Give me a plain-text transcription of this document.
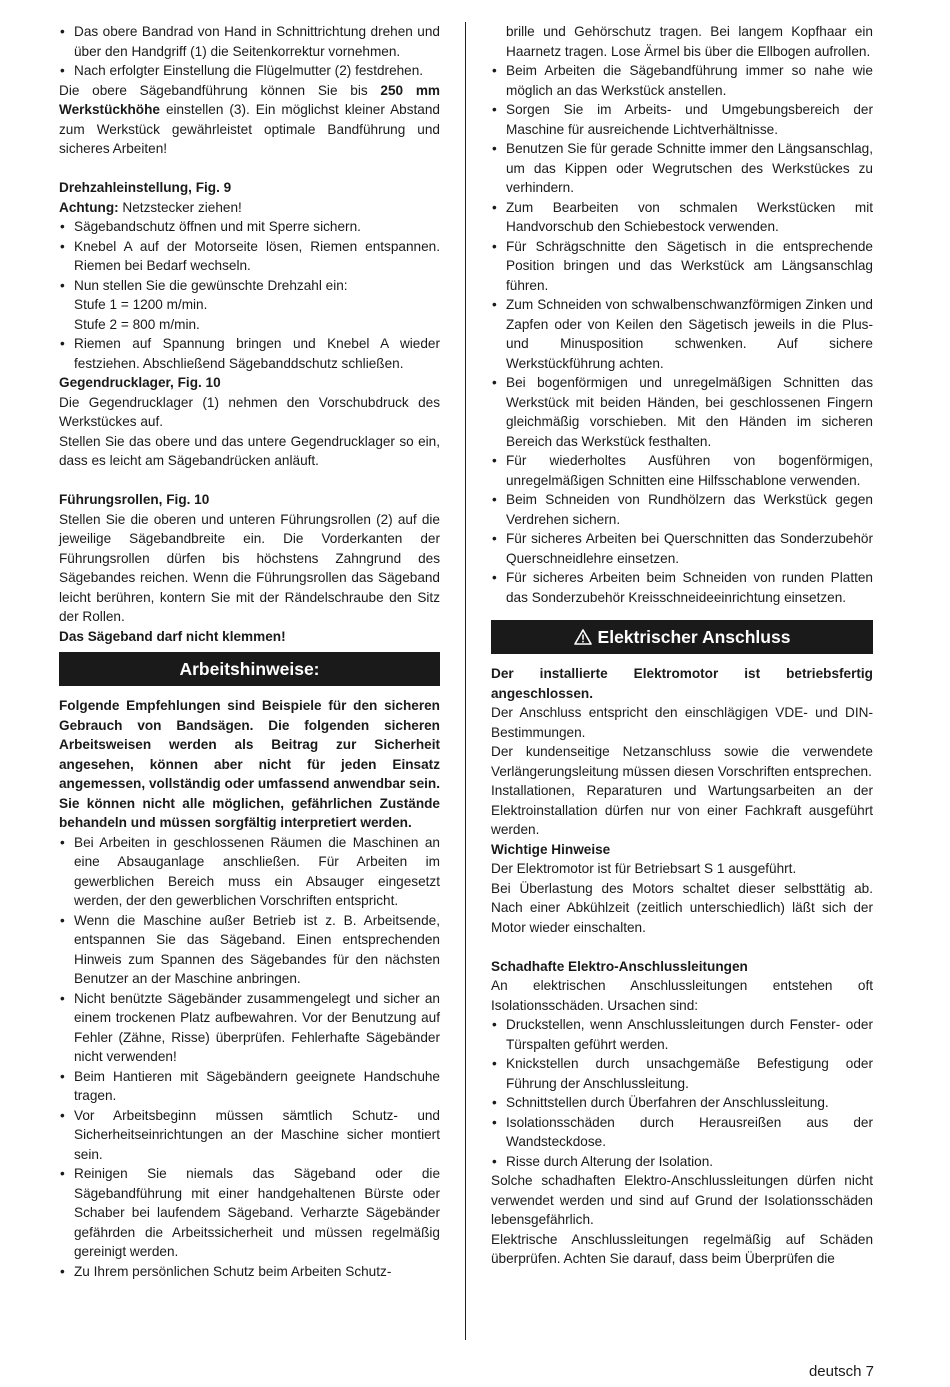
• Das obere Bandrad von Hand in Schnittrichtung drehen und über den Handgriff (1) die Seitenkorrektur vornehmen.
• Nach erfolgter Einstellung die Flügelmutter (2) festdrehen.

Die obere Sägebandführung können Sie bis 250 mm Werkstückhöhe einstellen (3). Ein möglichst kleiner Abstand zum Werkstück gewährleistet optimale Bandführung und sicheres Arbeiten!

Drehzahleinstellung, Fig. 9

Achtung: Netzstecker ziehen!

• Sägebandschutz öffnen und mit Sperre sichern.
• Knebel A auf der Motorseite lösen, Riemen entspannen. Riemen bei Bedarf wechseln.
• Nun stellen Sie die gewünschte Drehzahl ein:
Stufe 1 = 1200 m/min.
Stufe 2 = 800 m/min.
• Riemen auf Spannung bringen und Knebel A wieder festziehen. Abschließend Sägebanddschutz schließen.

Gegendrucklager, Fig. 10

Die Gegendrucklager (1) nehmen den Vorschubdruck des Werkstückes auf.

Stellen Sie das obere und das untere Gegendrucklager so ein, dass es leicht am Sägebandrücken anläuft.

Führungsrollen, Fig. 10

Stellen Sie die oberen und unteren Führungsrollen (2) auf die jeweilige Sägebandbreite ein. Die Vorderkanten der Führungsrollen dürfen bis höchstens Zahngrund des Sägebandes reichen. Wenn die Führungsrollen das Sägeband leicht berühren, kontern Sie mit der Rändelschraube den Sitz der Rollen.

Das Sägeband darf nicht klemmen!

Arbeitshinweise:

Folgende Empfehlungen sind Beispiele für den sicheren Gebrauch von Bandsägen. Die folgenden sicheren Arbeitsweisen werden als Beitrag zur Sicherheit angesehen, können aber nicht für jeden Einsatz angemessen, vollständig oder umfassend anwendbar sein. Sie können nicht alle möglichen, gefährlichen Zustände behandeln und müssen sorgfältig interpretiert werden.

• Bei Arbeiten in geschlossenen Räumen die Maschinen an eine Absauganlage anschließen. Für Arbeiten im gewerblichen Bereich muss ein Absauger eingesetzt werden, der den gewerblichen Vorschriften entspricht.
• Wenn die Maschine außer Betrieb ist z. B. Arbeitsende, entspannen Sie das Sägeband. Einen entsprechenden Hinweis zum Spannen des Sägebandes für den nächsten Benutzer an der Maschine anbringen.
• Nicht benützte Sägebänder zusammengelegt und sicher an einem trockenen Platz aufbewahren. Vor der Benutzung auf Fehler (Zähne, Risse) überprüfen. Fehlerhafte Sägebänder nicht verwenden!
• Beim Hantieren mit Sägebändern geeignete Handschuhe tragen.
• Vor Arbeitsbeginn müssen sämtlich Schutz- und Sicherheitseinrichtungen an der Maschine sicher montiert sein.
• Reinigen Sie niemals das Sägeband oder die Sägebandführung mit einer handgehaltenen Bürste oder Schaber bei laufendem Sägeband. Verharzte Sägebänder gefährden die Arbeitssicherheit und müssen regelmäßig gereinigt werden.
• Zu Ihrem persönlichen Schutz beim Arbeiten Schutz-

brille und Gehörschutz tragen. Bei langem Kopfhaar ein Haarnetz tragen. Lose Ärmel bis über die Ellbogen aufrollen.

• Beim Arbeiten die Sägebandführung immer so nahe wie möglich an das Werkstück anstellen.
• Sorgen Sie im Arbeits- und Umgebungsbereich der Maschine für ausreichende Lichtverhältnisse.
• Benutzen Sie für gerade Schnitte immer den Längsanschlag, um das Kippen oder Wegrutschen des Werkstückes zu verhindern.
• Zum Bearbeiten von schmalen Werkstücken mit Handvorschub den Schiebestock verwenden.
• Für Schrägschnitte den Sägetisch in die entsprechende Position bringen und das Werkstück am Längsanschlag führen.
• Zum Schneiden von schwalbenschwanzförmigen Zinken und Zapfen oder von Keilen den Sägetisch jeweils in die Plus- und Minusposition schwenken. Auf sichere Werkstückführung achten.
• Bei bogenförmigen und unregelmäßigen Schnitten das Werkstück mit beiden Händen, bei geschlossenen Fingern gleichmäßig vorschieben. Mit den Händen im sicheren Bereich das Werkstück festhalten.
• Für wiederholtes Ausführen von bogenförmigen, unregelmäßigen Schnitten eine Hilfsschablone verwenden.
• Beim Schneiden von Rundhölzern das Werkstück gegen Verdrehen sichern.
• Für sicheres Arbeiten bei Querschnitten das Sonderzubehör Querschneidlehre einsetzen.
• Für sicheres Arbeiten beim Schneiden von runden Platten das Sonderzubehör Kreisschneideeinrichtung einsetzen.
Elektrischer Anschluss

Der installierte Elektromotor ist betriebsfertig angeschlossen.

Der Anschluss entspricht den einschlägigen VDE- und DIN-Bestimmungen.

Der kundenseitige Netzanschluss sowie die verwendete Verlängerungsleitung müssen diesen Vorschriften entsprechen.

Installationen, Reparaturen und Wartungsarbeiten an der Elektroinstallation dürfen nur von einer Fachkraft ausgeführt werden.

Wichtige Hinweise

Der Elektromotor ist für Betriebsart S 1 ausgeführt.

Bei Überlastung des Motors schaltet dieser selbsttätig ab. Nach einer Abkühlzeit (zeitlich unterschiedlich) läßt sich der Motor wieder einschalten.

Schadhafte Elektro-Anschlussleitungen

An elektrischen Anschlussleitungen entstehen oft Isolationsschäden. Ursachen sind:

• Druckstellen, wenn Anschlussleitungen durch Fenster- oder Türspalten geführt werden.
• Knickstellen durch unsachgemäße Befestigung oder Führung der Anschlussleitung.
• Schnittstellen durch Überfahren der Anschlussleitung.
• Isolationsschäden durch Herausreißen aus der Wandsteckdose.
• Risse durch Alterung der Isolation.

Solche schadhaften Elektro-Anschlussleitungen dürfen nicht verwendet werden und sind auf Grund der Isolationsschäden lebensgefährlich.

Elektrische Anschlussleitungen regelmäßig auf Schäden überprüfen. Achten Sie darauf, dass beim Überprüfen die

deutsch 7
